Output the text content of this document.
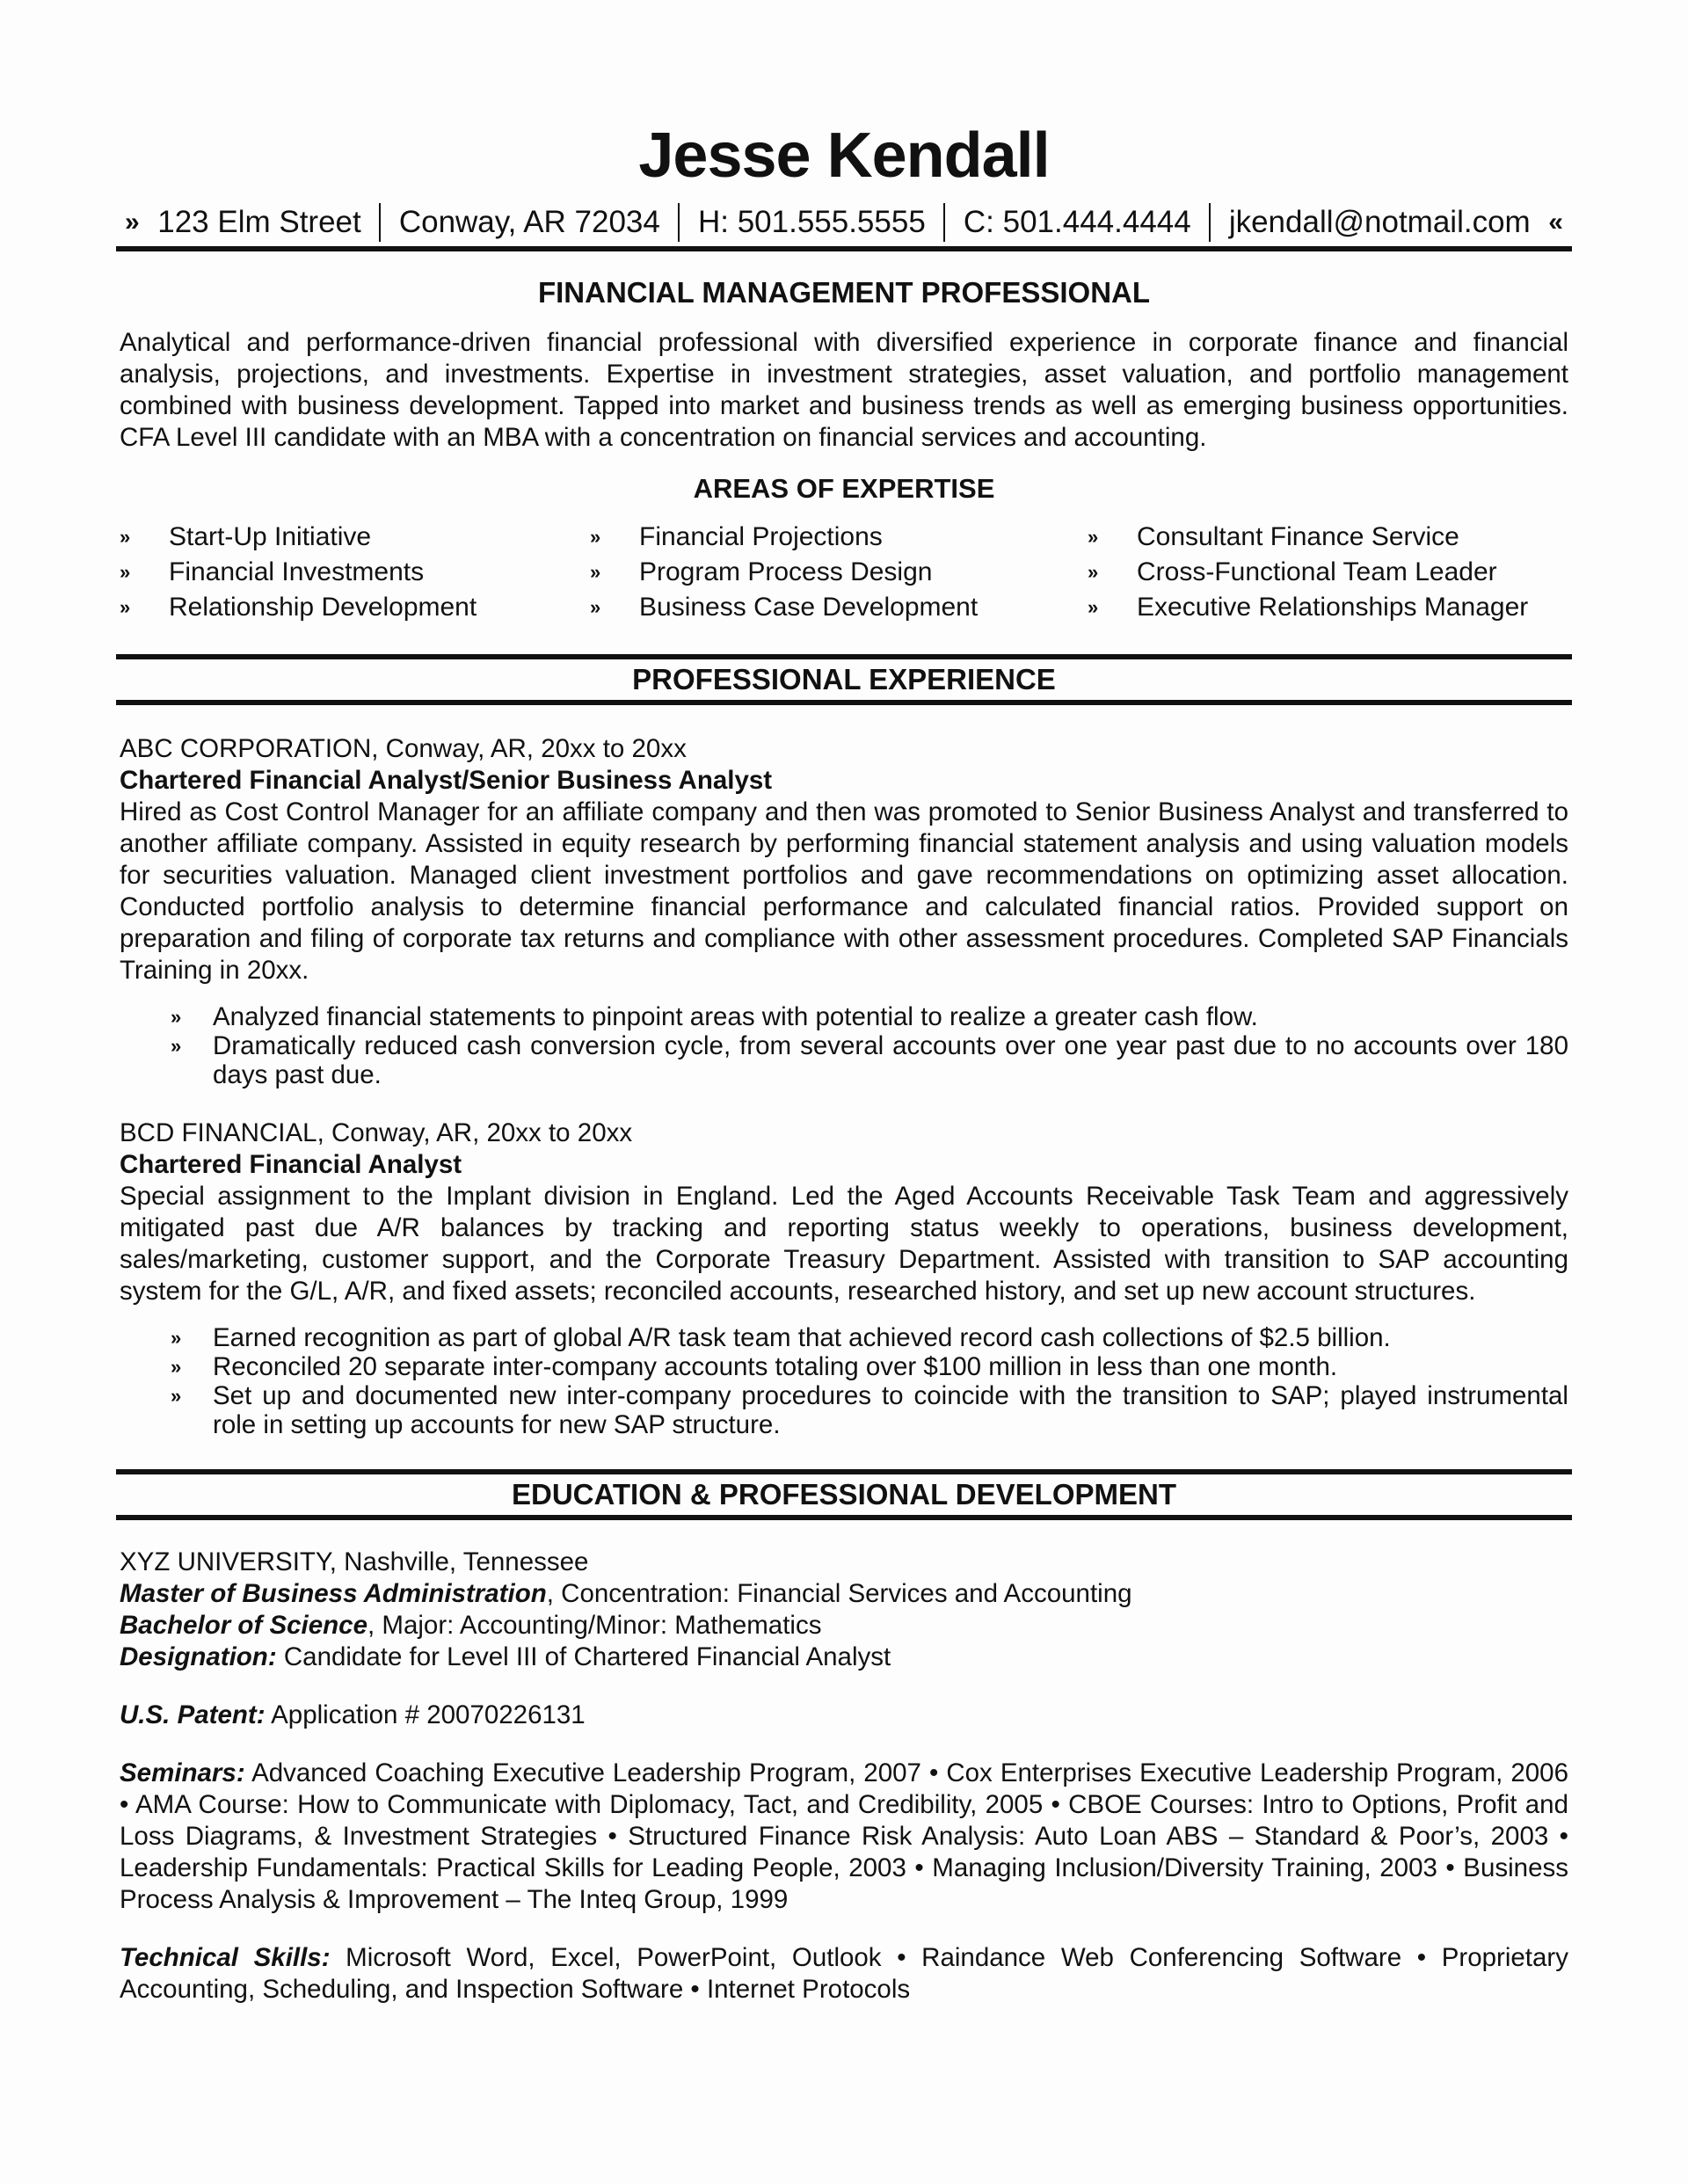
Jesse Kendall
» 123 Elm Street Conway, AR 72034 H: 501.555.5555 C: 501.444.4444 jkendall@notmail.com «
FINANCIAL MANAGEMENT PROFESSIONAL
Analytical and performance-driven financial professional with diversified experience in corporate finance and financial analysis, projections, and investments. Expertise in investment strategies, asset valuation, and portfolio management combined with business development. Tapped into market and business trends as well as emerging business opportunities. CFA Level III candidate with an MBA with a concentration on financial services and accounting.
AREAS OF EXPERTISE
»	Start-Up Initiative	»	Financial Projections	»	Consultant Finance Service
»	Financial Investments	»	Program Process Design	»	Cross-Functional Team Leader
»	Relationship Development	»	Business Case Development	»	Executive Relationships Manager
PROFESSIONAL EXPERIENCE
ABC CORPORATION, Conway, AR, 20xx to 20xx
Chartered Financial Analyst/Senior Business Analyst
Hired as Cost Control Manager for an affiliate company and then was promoted to Senior Business Analyst and transferred to another affiliate company. Assisted in equity research by performing financial statement analysis and using valuation models for securities valuation. Managed client investment portfolios and gave recommendations on optimizing asset allocation. Conducted portfolio analysis to determine financial performance and calculated financial ratios. Provided support on preparation and filing of corporate tax returns and compliance with other assessment procedures. Completed SAP Financials Training in 20xx.
»	Analyzed financial statements to pinpoint areas with potential to realize a greater cash flow.
»	Dramatically reduced cash conversion cycle, from several accounts over one year past due to no accounts over 180 days past due.
BCD FINANCIAL, Conway, AR, 20xx to 20xx
Chartered Financial Analyst
Special assignment to the Implant division in England. Led the Aged Accounts Receivable Task Team and aggressively mitigated past due A/R balances by tracking and reporting status weekly to operations, business development, sales/marketing, customer support, and the Corporate Treasury Department. Assisted with transition to SAP accounting system for the G/L, A/R, and fixed assets; reconciled accounts, researched history, and set up new account structures.
»	Earned recognition as part of global A/R task team that achieved record cash collections of $2.5 billion.
»	Reconciled 20 separate inter-company accounts totaling over $100 million in less than one month.
»	Set up and documented new inter-company procedures to coincide with the transition to SAP; played instrumental role in setting up accounts for new SAP structure.
EDUCATION & PROFESSIONAL DEVELOPMENT
XYZ UNIVERSITY, Nashville, Tennessee
Master of Business Administration, Concentration: Financial Services and Accounting
Bachelor of Science, Major: Accounting/Minor: Mathematics
Designation: Candidate for Level III of Chartered Financial Analyst
U.S. Patent: Application # 20070226131
Seminars: Advanced Coaching Executive Leadership Program, 2007 • Cox Enterprises Executive Leadership Program, 2006 • AMA Course: How to Communicate with Diplomacy, Tact, and Credibility, 2005 • CBOE Courses: Intro to Options, Profit and Loss Diagrams, & Investment Strategies • Structured Finance Risk Analysis: Auto Loan ABS – Standard & Poor’s, 2003 • Leadership Fundamentals: Practical Skills for Leading People, 2003 • Managing Inclusion/Diversity Training, 2003 • Business Process Analysis & Improvement – The Inteq Group, 1999
Technical Skills: Microsoft Word, Excel, PowerPoint, Outlook • Raindance Web Conferencing Software • Proprietary Accounting, Scheduling, and Inspection Software • Internet Protocols
